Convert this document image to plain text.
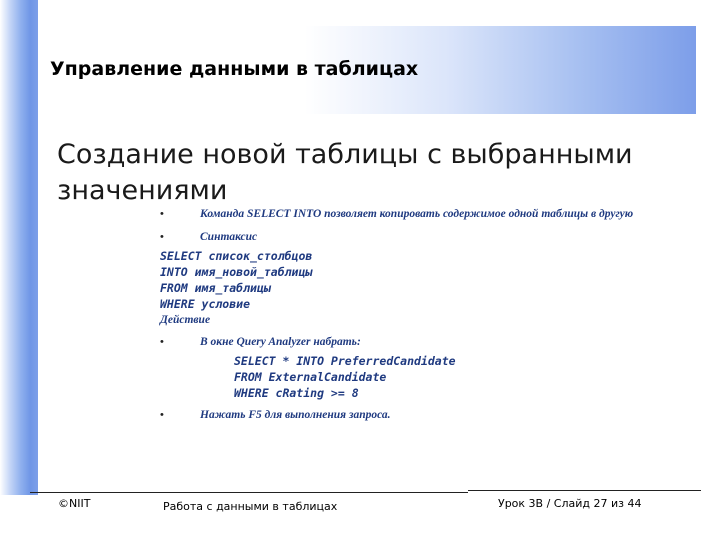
Управление данными в таблицах
Создание новой таблицы с выбранными значениями
•	Команда SELECT INTO позволяет копировать содержимое одной таблицы в другую
•	Синтаксис
SELECT список_столбцов
INTO имя_новой_таблицы
FROM имя_таблицы
WHERE условие
Действие
•	В окне Query Analyzer набрать:
SELECT * INTO PreferredCandidate
FROM ExternalCandidate
WHERE cRating >= 8
•	Нажать F5 для выполнения запроса.
©NIIT	Работа с данными в таблицах	Урок 3В / Слайд 27 из 44
